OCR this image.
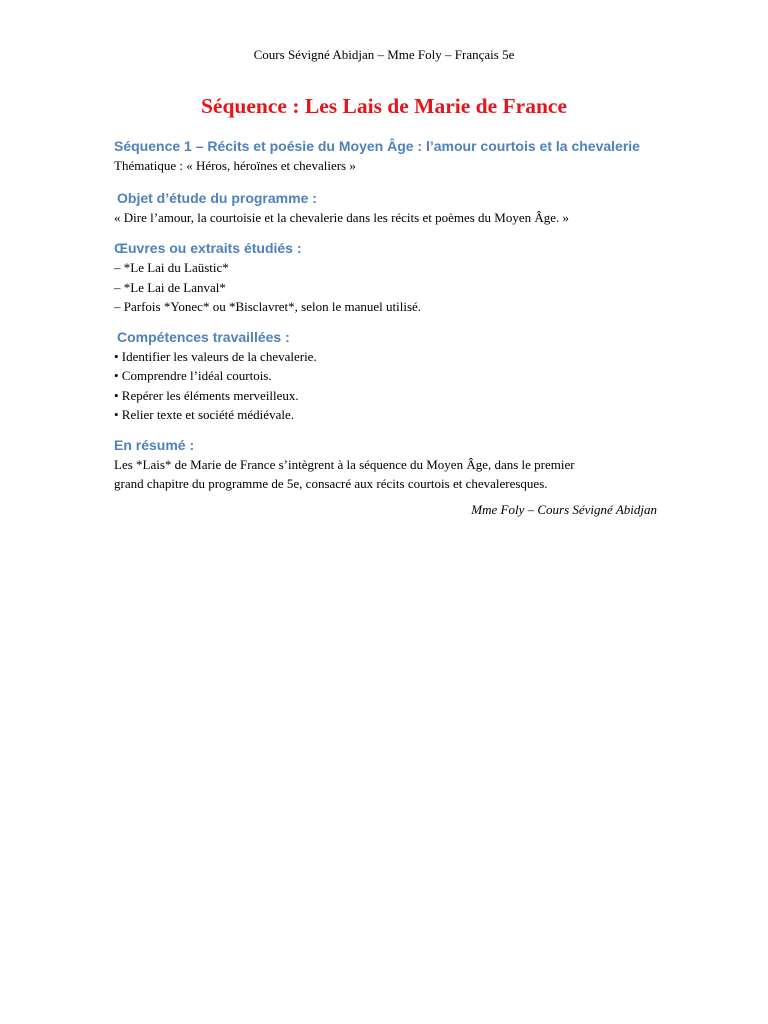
Cours Sévigné Abidjan – Mme Foly – Français 5e
Séquence : Les Lais de Marie de France

Séquence 1 – Récits et poésie du Moyen Âge : l’amour courtois et la chevalerie

Thématique : « Héros, héroïnes et chevaliers »

Objet d’étude du programme :

« Dire l’amour, la courtoisie et la chevalerie dans les récits et poèmes du Moyen Âge. »

Œuvres ou extraits étudiés :

– *Le Lai du Laüstic*

– *Le Lai de Lanval*

– Parfois *Yonec* ou *Bisclavret*, selon le manuel utilisé.

Compétences travaillées :

• Identifier les valeurs de la chevalerie.

• Comprendre l’idéal courtois.

• Repérer les éléments merveilleux.

• Relier texte et société médiévale.

En résumé :

Les *Lais* de Marie de France s’intègrent à la séquence du Moyen Âge, dans le premier

grand chapitre du programme de 5e, consacré aux récits courtois et chevaleresques.

Mme Foly – Cours Sévigné Abidjan
